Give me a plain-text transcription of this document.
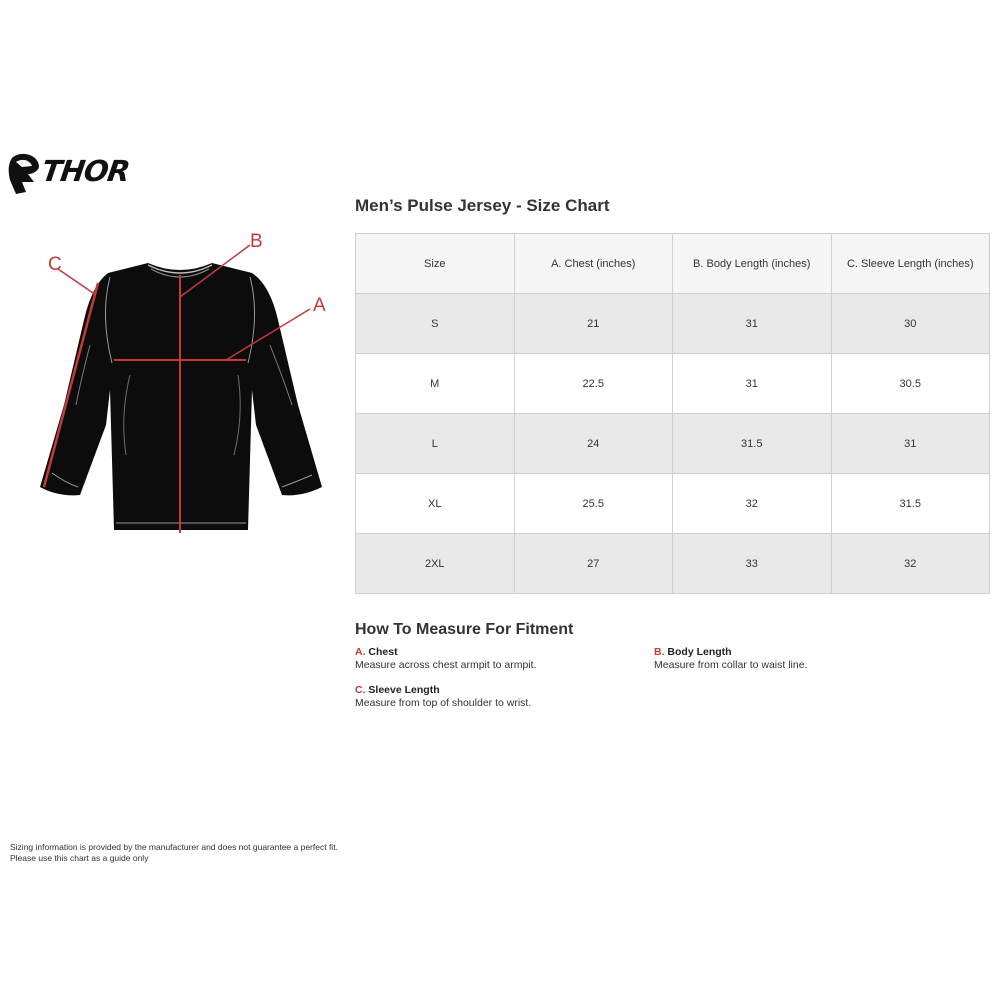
THOR
B
A
C
Men’s Pulse Jersey - Size Chart
Size	A. Chest (inches)	B. Body Length (inches)	C. Sleeve Length (inches)
S	21	31	30
M	22.5	31	30.5
L	24	31.5	31
XL	25.5	32	31.5
2XL	27	33	32
How To Measure For Fitment
A. Chest
Measure across chest armpit to armpit.
B. Body Length
Measure from collar to waist line.
C. Sleeve Length
Measure from top of shoulder to wrist.
Sizing information is provided by the manufacturer and does not guarantee a perfect fit.
Please use this chart as a guide only
